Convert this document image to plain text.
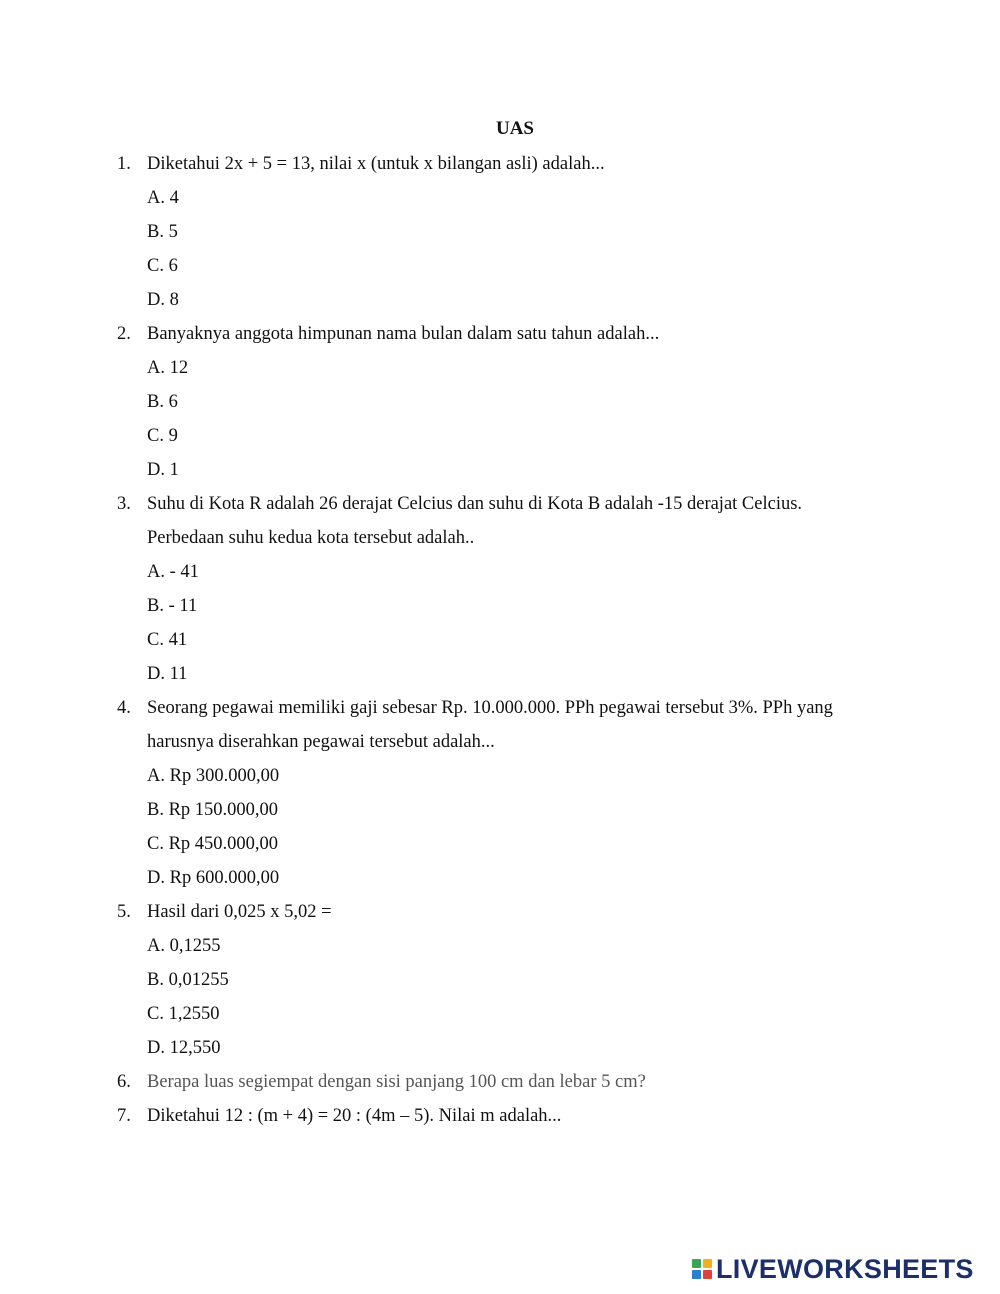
UAS
1. Diketahui 2x + 5 = 13, nilai x (untuk x bilangan asli) adalah...
A. 4
B. 5
C. 6
D. 8
2. Banyaknya anggota himpunan nama bulan dalam satu tahun adalah...
A. 12
B. 6
C. 9
D. 1
3. Suhu di Kota R adalah 26 derajat Celcius dan suhu di Kota B adalah -15 derajat Celcius.
Perbedaan suhu kedua kota tersebut adalah..
A. - 41
B. - 11
C. 41
D. 11
4. Seorang pegawai memiliki gaji sebesar Rp. 10.000.000. PPh pegawai tersebut 3%. PPh yang
harusnya diserahkan pegawai tersebut adalah...
A. Rp 300.000,00
B. Rp 150.000,00
C. Rp 450.000,00
D. Rp 600.000,00
5. Hasil dari 0,025 x 5,02 =
A. 0,1255
B. 0,01255
C. 1,2550
D. 12,550
6. Berapa luas segiempat dengan sisi panjang 100 cm dan lebar 5 cm?
7. Diketahui 12 : (m + 4) = 20 : (4m – 5). Nilai m adalah...
LIVEWORKSHEETS
